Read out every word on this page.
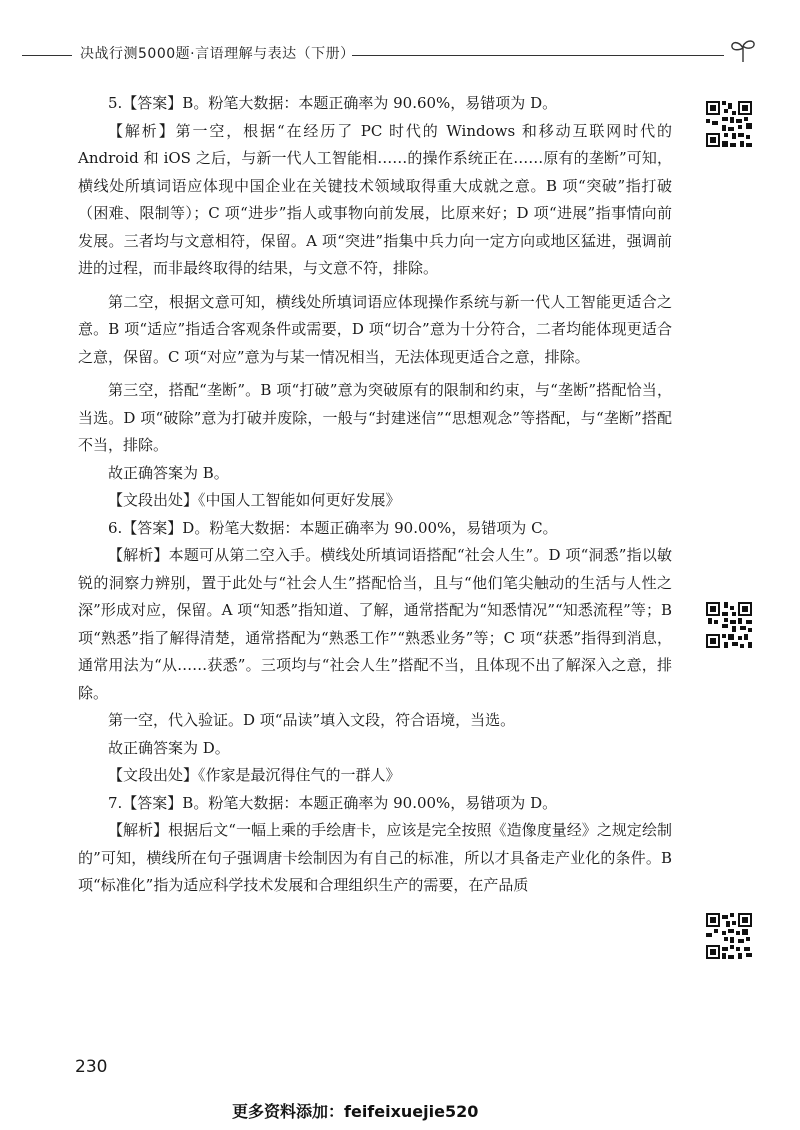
决战行测5000题·言语理解与表达（下册）

5.【答案】B。粉笔大数据：本题正确率为 90.60%，易错项为 D。

【解析】第一空，根据“在经历了 PC 时代的 Windows 和移动互联网时代的 Android 和 iOS 之后，与新一代人工智能相……的操作系统正在……原有的垄断”可知，横线处所填词语应体现中国企业在关键技术领域取得重大成就之意。B 项“突破”指打破（困难、限制等）；C 项“进步”指人或事物向前发展，比原来好；D 项“进展”指事情向前发展。三者均与文意相符，保留。A 项“突进”指集中兵力向一定方向或地区猛进，强调前进的过程，而非最终取得的结果，与文意不符，排除。

第二空，根据文意可知，横线处所填词语应体现操作系统与新一代人工智能更适合之意。B 项“适应”指适合客观条件或需要，D 项“切合”意为十分符合，二者均能体现更适合之意，保留。C 项“对应”意为与某一情况相当，无法体现更适合之意，排除。

第三空，搭配“垄断”。B 项“打破”意为突破原有的限制和约束，与“垄断”搭配恰当，当选。D 项“破除”意为打破并废除，一般与“封建迷信”“思想观念”等搭配，与“垄断”搭配不当，排除。

故正确答案为 B。

【文段出处】《中国人工智能如何更好发展》

6.【答案】D。粉笔大数据：本题正确率为 90.00%，易错项为 C。

【解析】本题可从第二空入手。横线处所填词语搭配“社会人生”。D 项“洞悉”指以敏锐的洞察力辨别，置于此处与“社会人生”搭配恰当，且与“他们笔尖触动的生活与人性之深”形成对应，保留。A 项“知悉”指知道、了解，通常搭配为“知悉情况”“知悉流程”等；B 项“熟悉”指了解得清楚，通常搭配为“熟悉工作”“熟悉业务”等；C 项“获悉”指得到消息，通常用法为“从……获悉”。三项均与“社会人生”搭配不当，且体现不出了解深入之意，排除。

第一空，代入验证。D 项“品读”填入文段，符合语境，当选。

故正确答案为 D。

【文段出处】《作家是最沉得住气的一群人》

7.【答案】B。粉笔大数据：本题正确率为 90.00%，易错项为 D。

【解析】根据后文“一幅上乘的手绘唐卡，应该是完全按照《造像度量经》之规定绘制的”可知，横线所在句子强调唐卡绘制因为有自己的标准，所以才具备走产业化的条件。B 项“标准化”指为适应科学技术发展和合理组织生产的需要，在产品质

230
更多资料添加：feifeixuejie520
